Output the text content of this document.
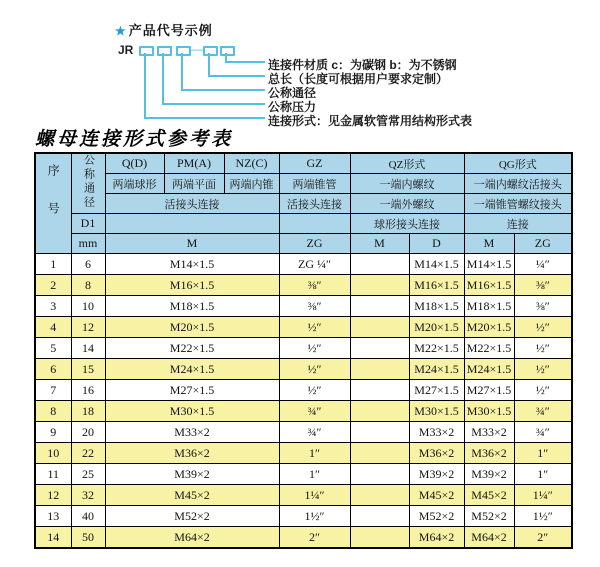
★ 产品代号示例
JR	—
连接件材质 c：为碳钢 b：为不锈钢
总长（长度可根据用户要求定制）
公称通径
公称压力
连接形式：见金属软管常用结构形式表
螺母连接形式参考表
序号	公称通径	Q(D)	PM(A)	NZ(C)	GZ	QZ形式		QG形式	
		两端球形	两端平面	两端内锥	两端锥管	一端内螺纹		一端内螺纹活接头	
		活接头连接			活接头连接	一端外螺纹		一端锥管螺纹接头	
	D1					球形接头连接		连接	
	mm	M			ZG	M	D	M	ZG
1	6	M14×1.5			ZG ¼″		M14×1.5	M14×1.5	¼″
2	8	M16×1.5			⅜″		M16×1.5	M16×1.5	⅜″
3	10	M18×1.5			⅜″		M18×1.5	M18×1.5	⅜″
4	12	M20×1.5			½″		M20×1.5	M20×1.5	½″
5	14	M22×1.5			½″		M22×1.5	M22×1.5	½″
6	15	M24×1.5			½″		M24×1.5	M24×1.5	½″
7	16	M27×1.5			½″		M27×1.5	M27×1.5	½″
8	18	M30×1.5			¾″		M30×1.5	M30×1.5	¾″
9	20	M33×2			¾″		M33×2	M33×2	¾″
10	22	M36×2			1″		M36×2	M36×2	1″
11	25	M39×2			1″		M39×2	M39×2	1″
12	32	M45×2			1¼″		M45×2	M45×2	1¼″
13	40	M52×2			1½″		M52×2	M52×2	1½″
14	50	M64×2			2″		M64×2	M64×2	2″
